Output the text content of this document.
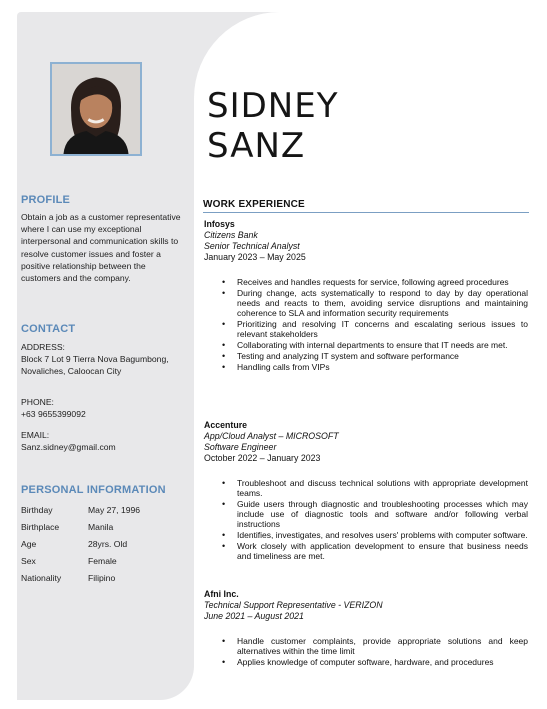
SIDNEY
SANZ
PROFILE
Obtain a job as a customer representative where I can use my exceptional interpersonal and communication skills to resolve customer issues and foster a positive relationship between the customers and the company.
CONTACT
ADDRESS:
Block 7 Lot 9 Tierra Nova Bagumbong, Novaliches, Caloocan City
PHONE:
+63 9655399092
EMAIL:
Sanz.sidney@gmail.com
PERSONAL INFORMATION
Birthday	May 27, 1996
Birthplace	Manila
Age	28yrs. Old
Sex	Female
Nationality	Filipino
WORK EXPERIENCE
Infosys
Citizens Bank
Senior Technical Analyst
January 2023 – May 2025
• Receives and handles requests for service, following agreed procedures
• During change, acts systematically to respond to day by day operational needs and reacts to them, avoiding service disruptions and maintaining coherence to SLA and information security requirements
• Prioritizing and resolving IT concerns and escalating serious issues to relevant stakeholders
• Collaborating with internal departments to ensure that IT needs are met.
• Testing and analyzing IT system and software performance
• Handling calls from VIPs
Accenture
App/Cloud Analyst – MICROSOFT
Software Engineer
October 2022 – January 2023
• Troubleshoot and discuss technical solutions with appropriate development teams.
• Guide users through diagnostic and troubleshooting processes which may include use of diagnostic tools and software and/or following verbal instructions
• Identifies, investigates, and resolves users' problems with computer software.
• Work closely with application development to ensure that business needs and timeliness are met.
Afni Inc.
Technical Support Representative - VERIZON
June 2021 – August 2021
• Handle customer complaints, provide appropriate solutions and keep alternatives within the time limit
• Applies knowledge of computer software, hardware, and procedures
